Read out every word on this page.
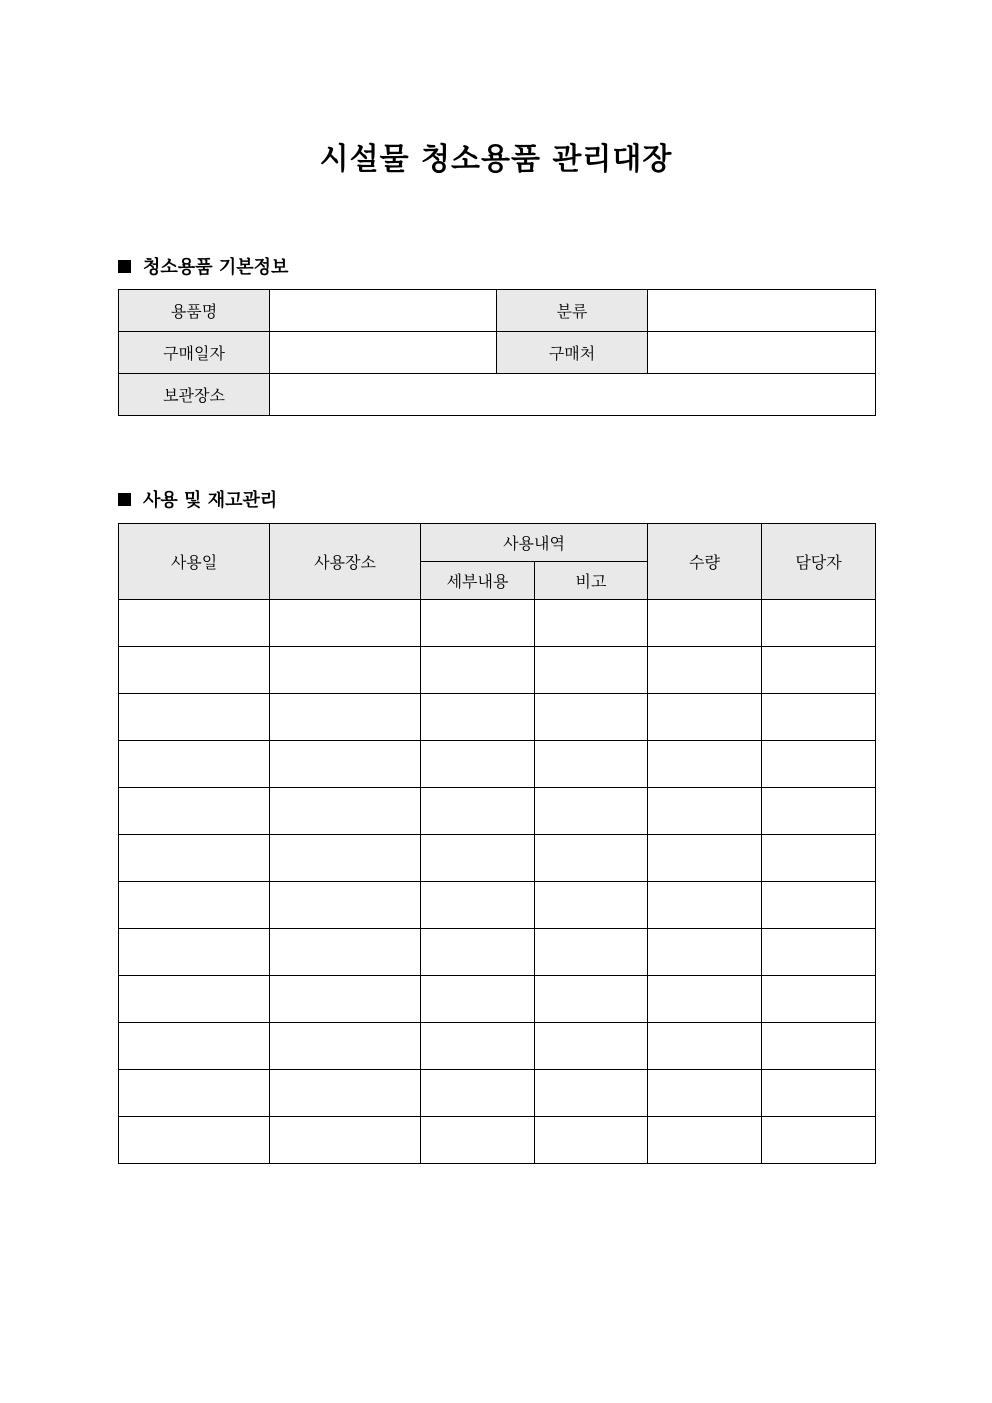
시설물 청소용품 관리대장
청소용품 기본정보
용품명		분류	
구매일자		구매처	
보관장소			
사용 및 재고관리
사용일	사용장소	사용내역		수량	담당자
		세부내용	비고		
